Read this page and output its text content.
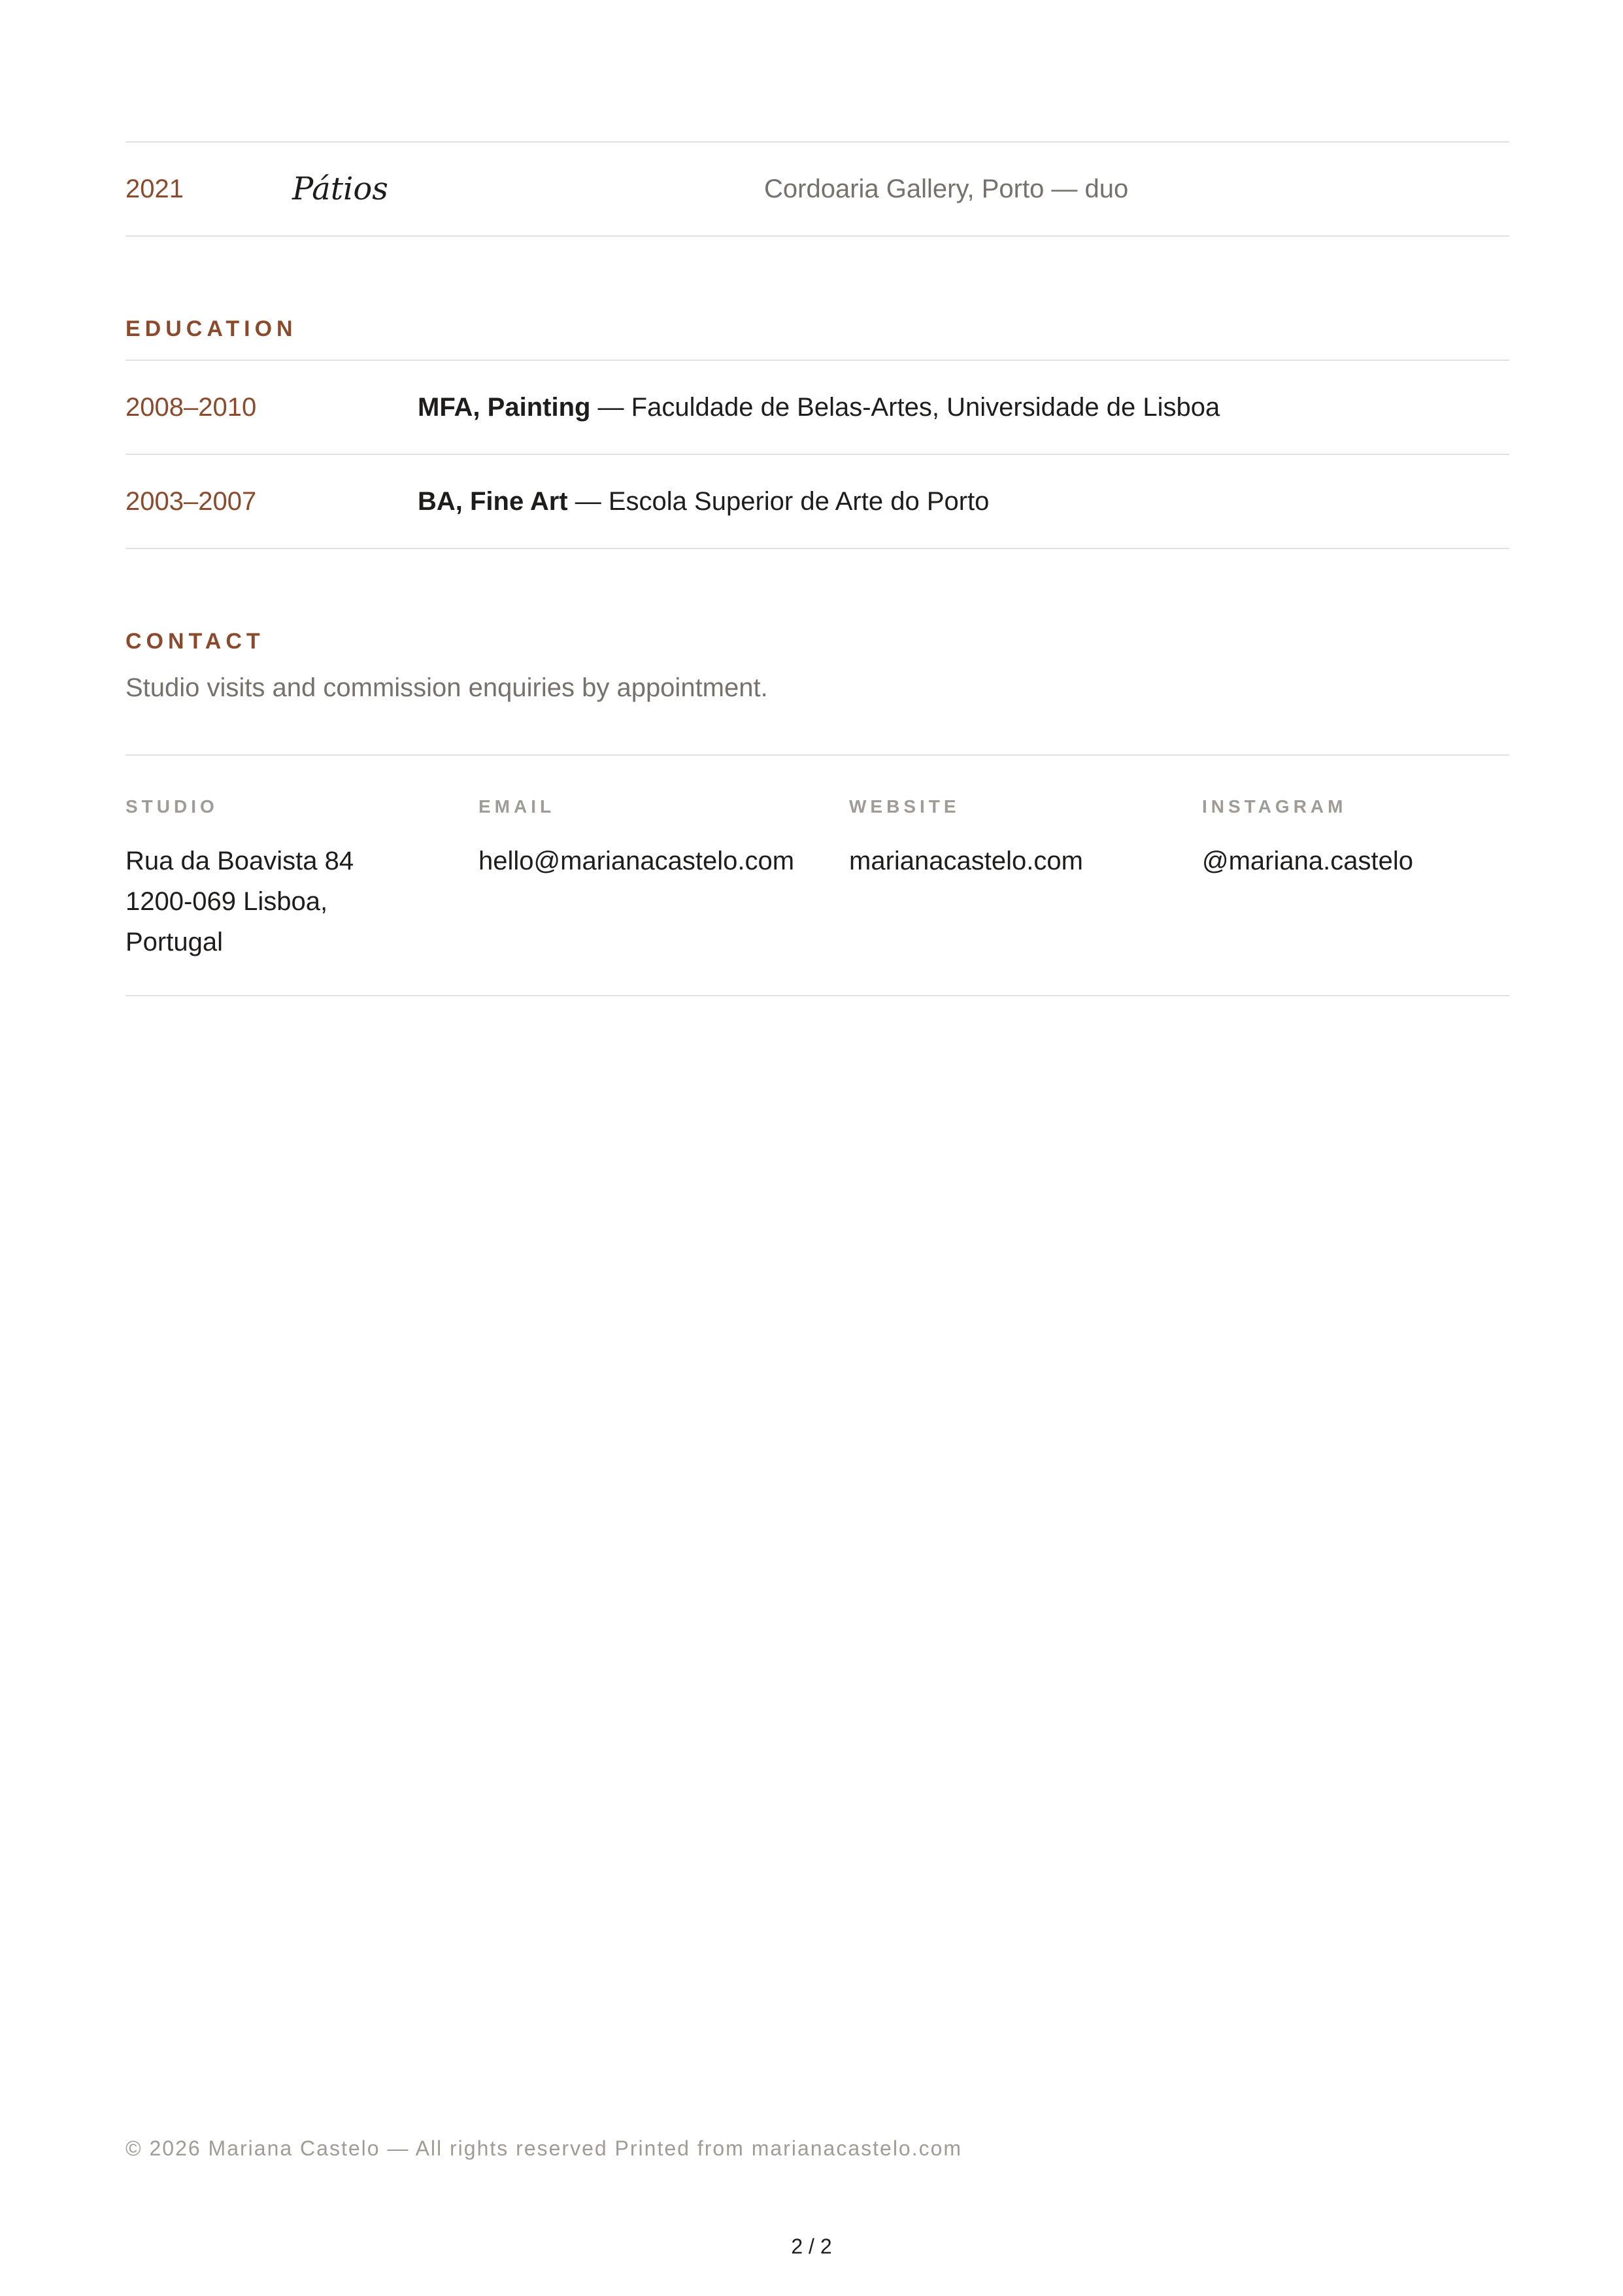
2021	Pátios	Cordoaria Gallery, Porto — duo
EDUCATION
2008–2010	MFA, Painting — Faculdade de Belas-Artes, Universidade de Lisboa
2003–2007	BA, Fine Art — Escola Superior de Arte do Porto
CONTACT
Studio visits and commission enquiries by appointment.
STUDIO
Rua da Boavista 84
1200-069 Lisboa,
Portugal
EMAIL
hello@marianacastelo.com
WEBSITE
marianacastelo.com
INSTAGRAM
@mariana.castelo
© 2026 Mariana Castelo — All rights reserved Printed from marianacastelo.com
2 / 2
